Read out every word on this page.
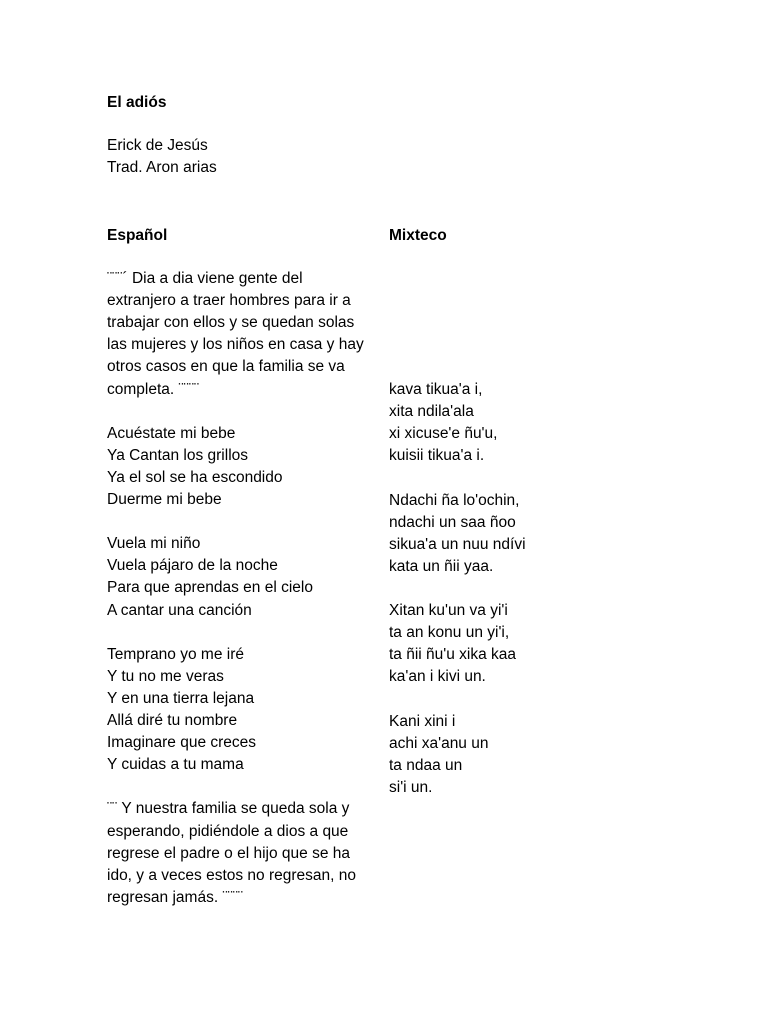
El adiós
Erick de Jesús
Trad. Aron arias
Español	Mixteco
¨¨¨´ Dia a dia viene gente del
extranjero a traer hombres para ir a
trabajar con ellos y se quedan solas
las mujeres y los niños en casa y hay
otros casos en que la familia se va
completa. ¨¨¨¨
Acuéstate mi bebe
Ya Cantan los grillos
Ya el sol se ha escondido
Duerme mi bebe
Vuela mi niño
Vuela pájaro de la noche
Para que aprendas en el cielo
A cantar una canción
Temprano yo me iré
Y tu no me veras
Y en una tierra lejana
Allá diré tu nombre
Imaginare que creces
Y cuidas a tu mama
¨¨ Y nuestra familia se queda sola y
esperando, pidiéndole a dios a que
regrese el padre o el hijo que se ha
ido, y a veces estos no regresan, no
regresan jamás. ¨¨¨¨
kava tikua'a i,
xita ndila'ala
xi xicuse'e ñu'u,
kuisii tikua'a i.
Ndachi ña lo'ochin,
ndachi un saa ñoo
sikua'a un nuu ndívi
kata un ñii yaa.
Xitan ku'un va yi'i
ta an konu un yi'i,
ta ñii ñu'u xika kaa
ka'an i kivi un.
Kani xini i
achi xa'anu un
ta ndaa un
si'i un.
